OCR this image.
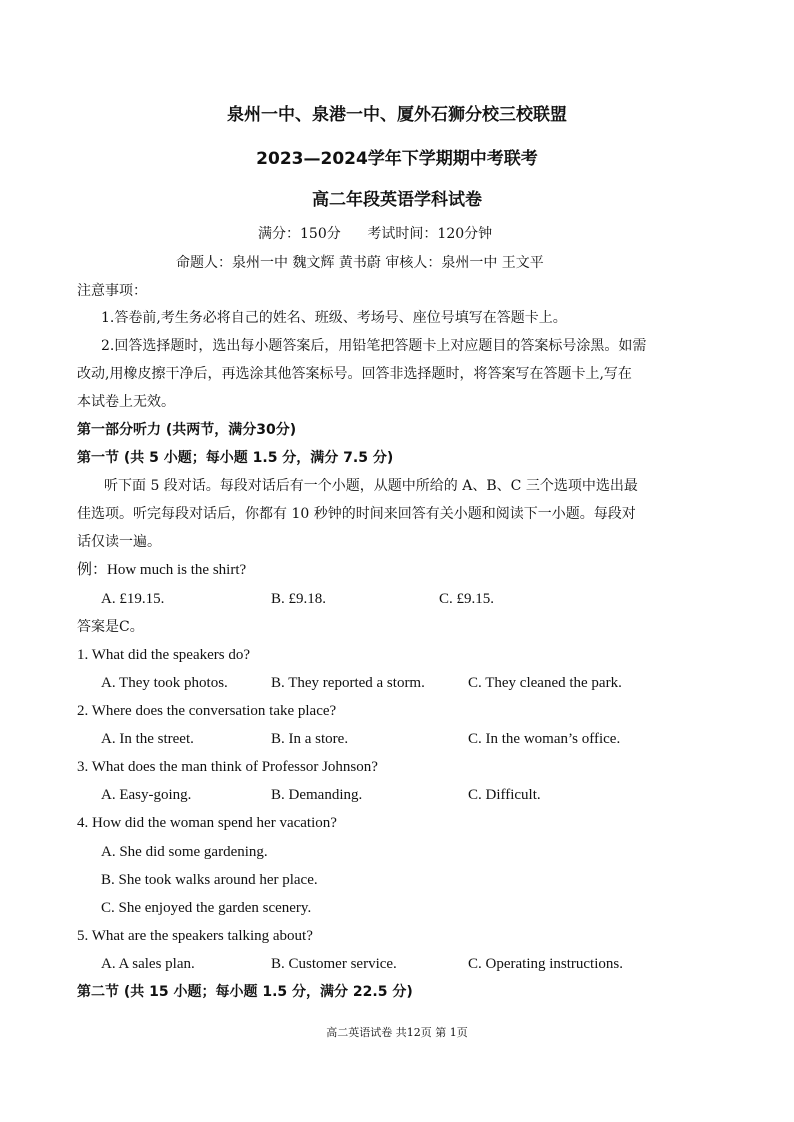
泉州一中、泉港一中、厦外石狮分校三校联盟
2023—2024学年下学期期中考联考
高二年段英语学科试卷
满分：150分      考试时间：120分钟
命题人：泉州一中 魏文辉 黄书蔚 审核人：泉州一中 王文平
注意事项：
1.答卷前,考生务必将自己的姓名、班级、考场号、座位号填写在答题卡上。
2.回答选择题时，选出每小题答案后，用铅笔把答题卡上对应题目的答案标号涂黑。如需
改动,用橡皮擦干净后，再选涂其他答案标号。回答非选择题时，将答案写在答题卡上,写在
本试卷上无效。
第一部分听力 (共两节，满分30分)
第一节 (共 5 小题；每小题 1.5 分，满分 7.5 分)
听下面 5 段对话。每段对话后有一个小题，从题中所给的 A、B、C 三个选项中选出最
佳选项。听完每段对话后，你都有 10 秒钟的时间来回答有关小题和阅读下一小题。每段对
话仅读一遍。
例：How much is the shirt?
A. £19.15.	B. £9.18.	C. £9.15.
答案是C。
1. What did the speakers do?
A. They took photos.	B. They reported a storm.	C. They cleaned the park.
2. Where does the conversation take place?
A. In the street.	B. In a store.	C. In the woman’s office.
3. What does the man think of Professor Johnson?
A. Easy-going.	B. Demanding.	C. Difficult.
4. How did the woman spend her vacation?
A. She did some gardening.
B. She took walks around her place.
C. She enjoyed the garden scenery.
5. What are the speakers talking about?
A. A sales plan.	B. Customer service.	C. Operating instructions.
第二节 (共 15 小题；每小题 1.5 分，满分 22.5 分)
高二英语试卷 共12页 第 1页
